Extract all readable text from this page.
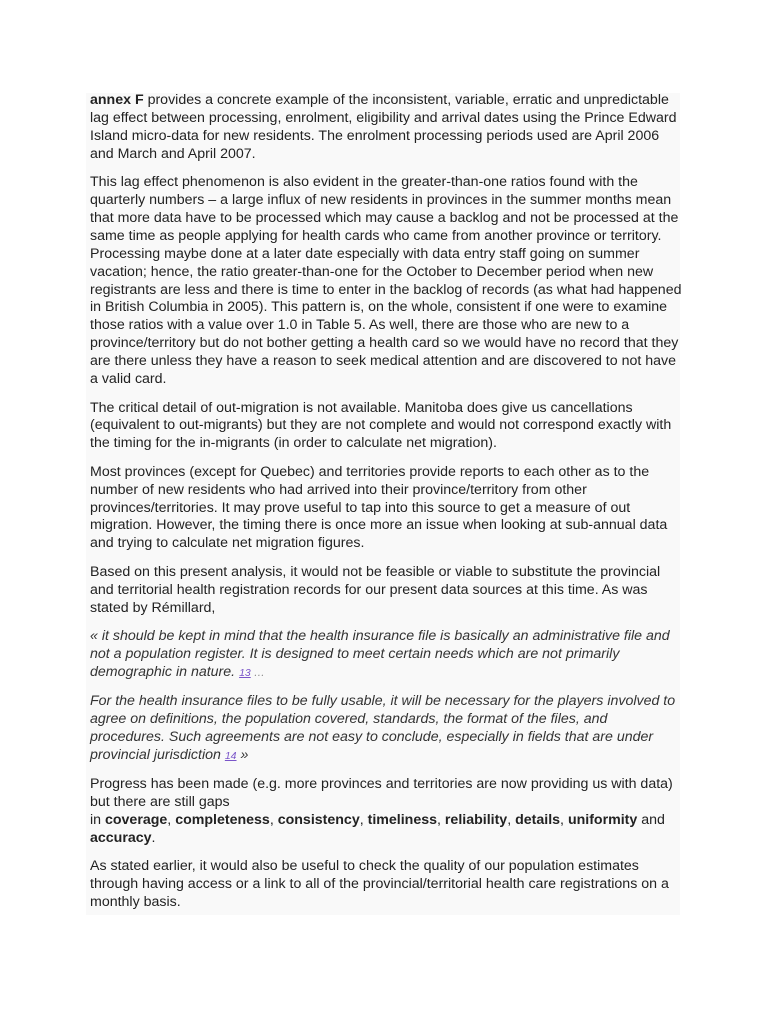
annex F provides a concrete example of the inconsistent, variable, erratic and unpredictable lag effect between processing, enrolment, eligibility and arrival dates using the Prince Edward Island micro-data for new residents. The enrolment processing periods used are April 2006 and March and April 2007.

This lag effect phenomenon is also evident in the greater-than-one ratios found with the quarterly numbers – a large influx of new residents in provinces in the summer months mean that more data have to be processed which may cause a backlog and not be processed at the same time as people applying for health cards who came from another province or territory. Processing maybe done at a later date especially with data entry staff going on summer vacation; hence, the ratio greater-than-one for the October to December period when new registrants are less and there is time to enter in the backlog of records (as what had happened in British Columbia in 2005). This pattern is, on the whole, consistent if one were to examine those ratios with a value over 1.0 in Table 5. As well, there are those who are new to a province/territory but do not bother getting a health card so we would have no record that they are there unless they have a reason to seek medical attention and are discovered to not have a valid card.

The critical detail of out-migration is not available. Manitoba does give us cancellations (equivalent to out-migrants) but they are not complete and would not correspond exactly with the timing for the in-migrants (in order to calculate net migration).

Most provinces (except for Quebec) and territories provide reports to each other as to the number of new residents who had arrived into their province/territory from other provinces/territories. It may prove useful to tap into this source to get a measure of out migration. However, the timing there is once more an issue when looking at sub-annual data and trying to calculate net migration figures.

Based on this present analysis, it would not be feasible or viable to substitute the provincial and territorial health registration records for our present data sources at this time. As was stated by Rémillard,

« it should be kept in mind that the health insurance file is basically an administrative file and not a population register. It is designed to meet certain needs which are not primarily demographic in nature. 13 …

For the health insurance files to be fully usable, it will be necessary for the players involved to agree on definitions, the population covered, standards, the format of the files, and procedures. Such agreements are not easy to conclude, especially in fields that are under provincial jurisdiction 14 »

Progress has been made (e.g. more provinces and territories are now providing us with data) but there are still gaps
in coverage, completeness, consistency, timeliness, reliability, details, uniformity and accuracy.

As stated earlier, it would also be useful to check the quality of our population estimates through having access or a link to all of the provincial/territorial health care registrations on a monthly basis.
